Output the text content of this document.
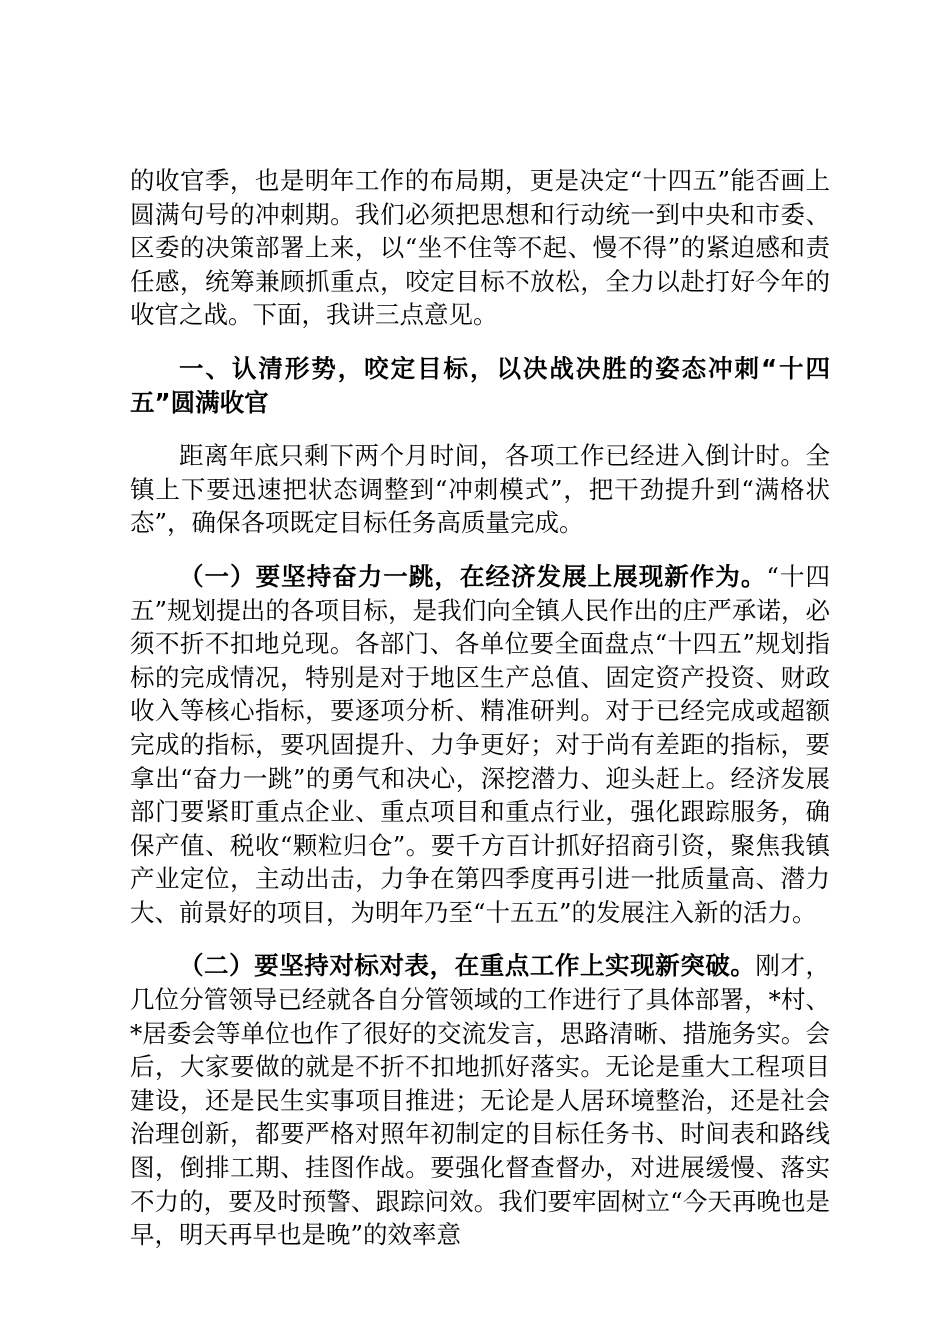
的收官季，也是明年工作的布局期，更是决定“十四五”能否画上圆满句号的冲刺期。我们必须把思想和行动统一到中央和市委、区委的决策部署上来，以“坐不住等不起、慢不得”的紧迫感和责任感，统筹兼顾抓重点，咬定目标不放松，全力以赴打好今年的收官之战。下面，我讲三点意见。

一、认清形势，咬定目标，以决战决胜的姿态冲刺“十四五”圆满收官

距离年底只剩下两个月时间，各项工作已经进入倒计时。全镇上下要迅速把状态调整到“冲刺模式”，把干劲提升到“满格状态”，确保各项既定目标任务高质量完成。

（一）要坚持奋力一跳，在经济发展上展现新作为。“十四五”规划提出的各项目标，是我们向全镇人民作出的庄严承诺，必须不折不扣地兑现。各部门、各单位要全面盘点“十四五”规划指标的完成情况，特别是对于地区生产总值、固定资产投资、财政收入等核心指标，要逐项分析、精准研判。对于已经完成或超额完成的指标，要巩固提升、力争更好；对于尚有差距的指标，要拿出“奋力一跳”的勇气和决心，深挖潜力、迎头赶上。经济发展部门要紧盯重点企业、重点项目和重点行业，强化跟踪服务，确保产值、税收“颗粒归仓”。要千方百计抓好招商引资，聚焦我镇产业定位，主动出击，力争在第四季度再引进一批质量高、潜力大、前景好的项目，为明年乃至“十五五”的发展注入新的活力。

（二）要坚持对标对表，在重点工作上实现新突破。刚才，几位分管领导已经就各自分管领域的工作进行了具体部署，*村、*居委会等单位也作了很好的交流发言，思路清晰、措施务实。会后，大家要做的就是不折不扣地抓好落实。无论是重大工程项目建设，还是民生实事项目推进；无论是人居环境整治，还是社会治理创新，都要严格对照年初制定的目标任务书、时间表和路线图，倒排工期、挂图作战。要强化督查督办，对进展缓慢、落实不力的，要及时预警、跟踪问效。我们要牢固树立“今天再晚也是早，明天再早也是晚”的效率意
